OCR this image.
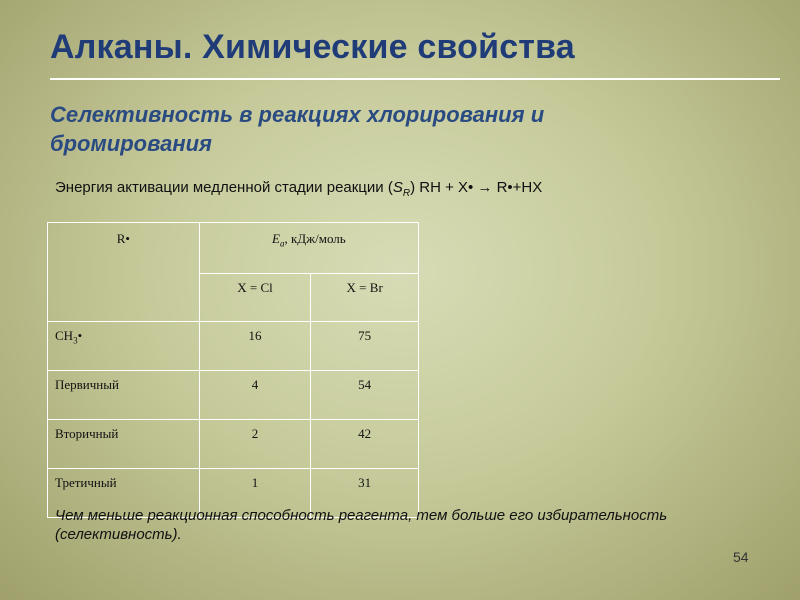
Алканы. Химические свойства
Селективность в реакциях хлорирования и бромирования
Энергия активации медленной стадии реакции $(S_R)$ RH + X• → R•+HX
R•	$E_a$, кДж/моль	
	X = Cl	X = Br
$CH_3•$	16	75
Первичный	4	54
Вторичный	2	42
Третичный	1	31
Чем меньше реакционная способность реагента, тем больше его избирательность (селективность).
54
